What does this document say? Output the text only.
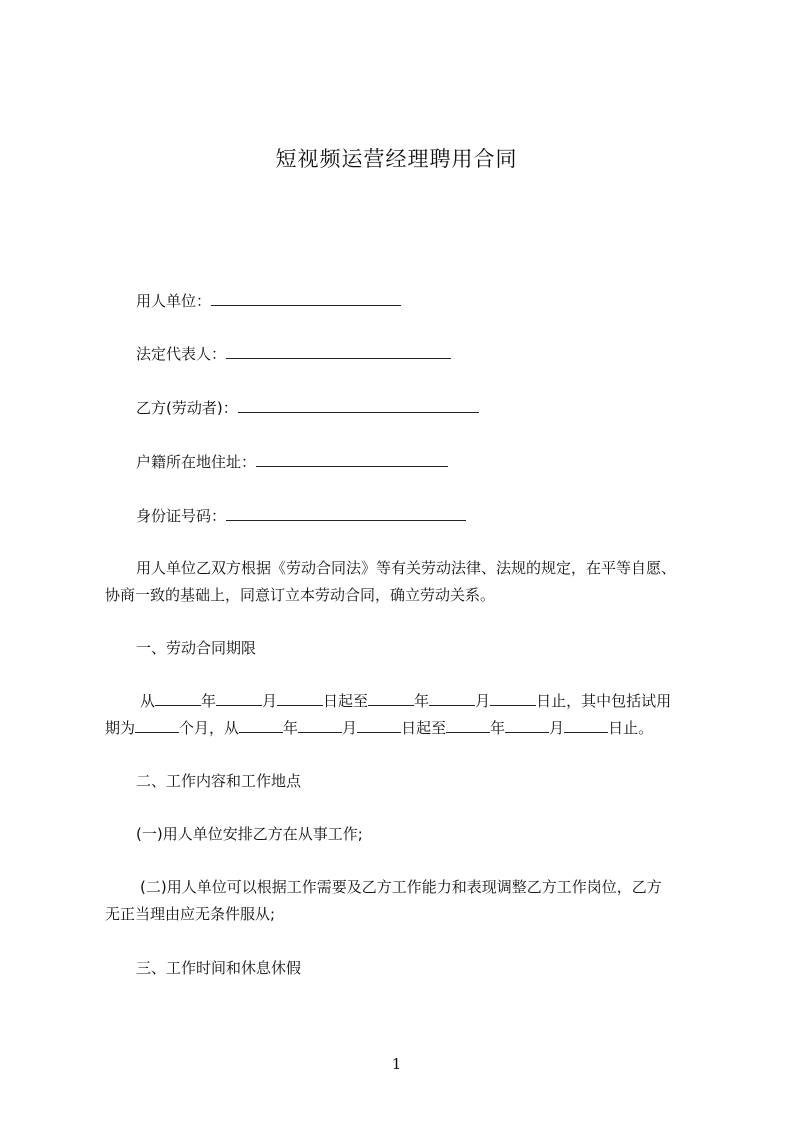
短视频运营经理聘用合同
用人单位：
法定代表人：
乙方(劳动者)：
户籍所在地住址：
身份证号码：
用人单位乙双方根据《劳动合同法》等有关劳动法律、法规的规定，在平等自愿、
协商一致的基础上，同意订立本劳动合同，确立劳动关系。
一、劳动合同期限
从	年	月	日起至	年	月	日止，其中包括试用
期为	个月，从	年	月	日起至	年	月	日止。
二、工作内容和工作地点
(一)用人单位安排乙方在从事工作;
(二)用人单位可以根据工作需要及乙方工作能力和表现调整乙方工作岗位，乙方
无正当理由应无条件服从;
三、工作时间和休息休假
1
